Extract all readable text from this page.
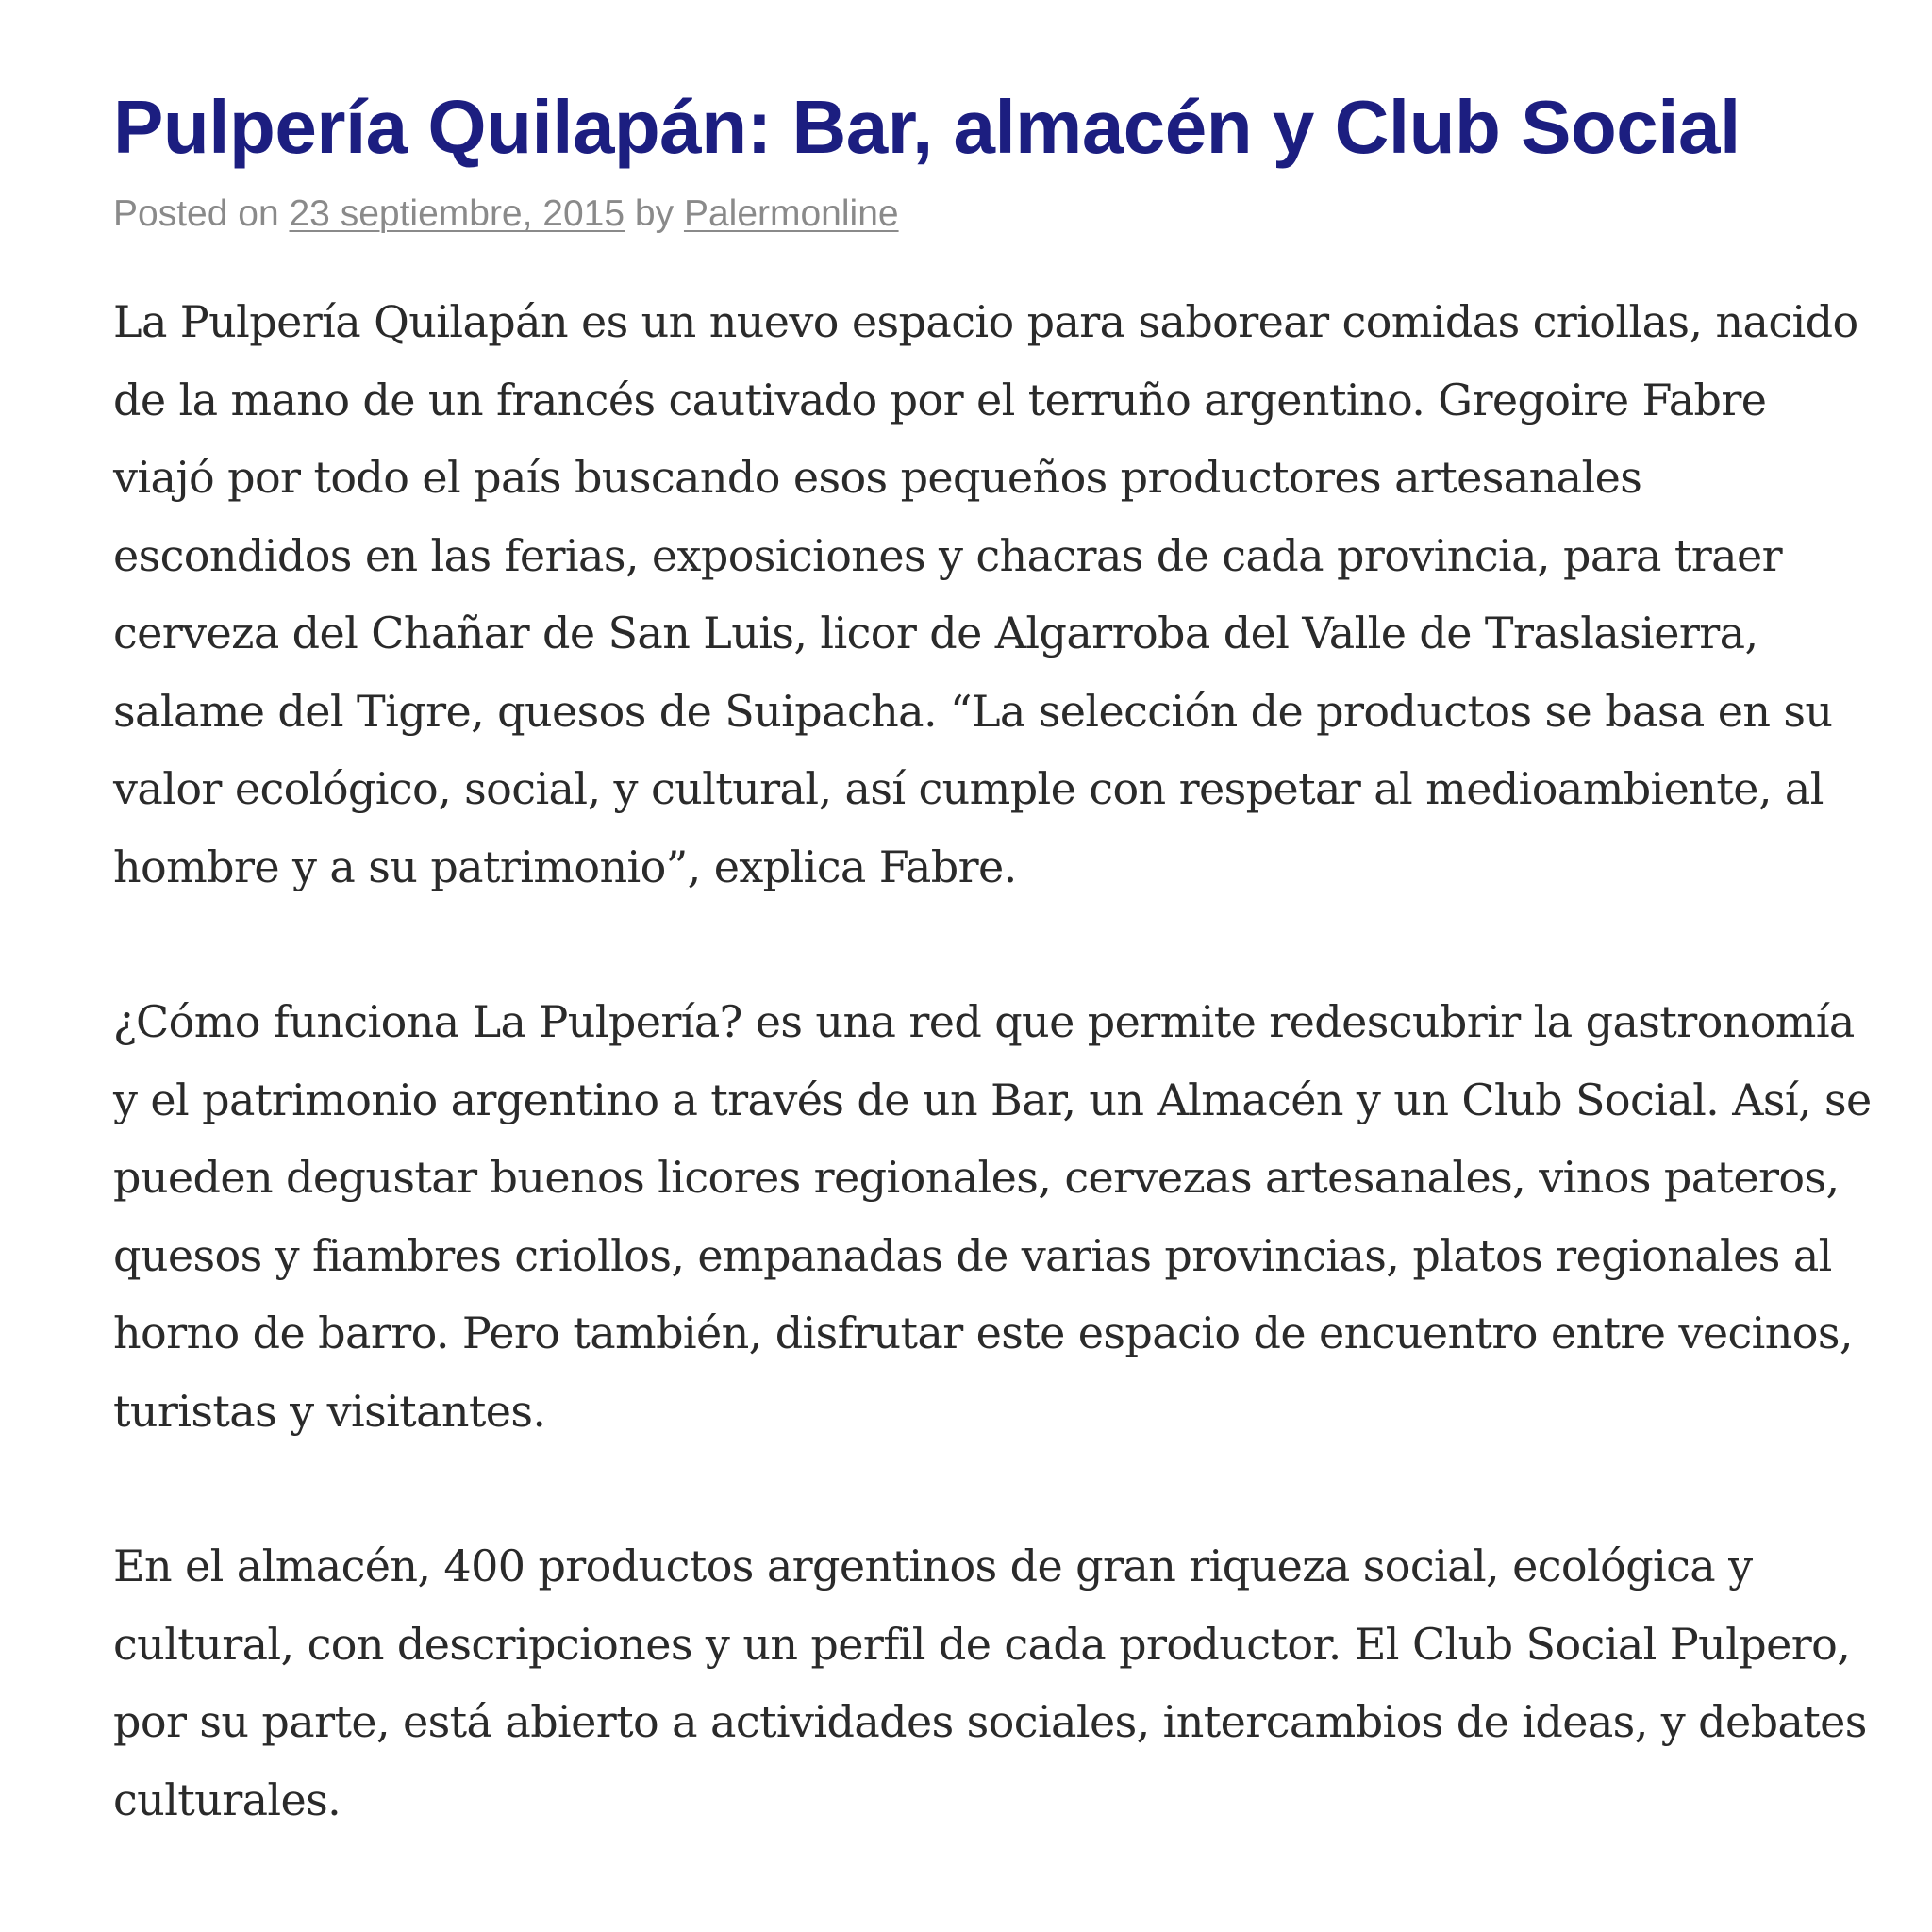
Pulpería Quilapán: Bar, almacén y Club Social
Posted on 23 septiembre, 2015 by Palermonline

La Pulpería Quilapán es un nuevo espacio para saborear comidas criollas, nacido de la mano de un francés cautivado por el terruño argentino. Gregoire Fabre viajó por todo el país buscando esos pequeños productores artesanales escondidos en las ferias, exposiciones y chacras de cada provincia, para traer cerveza del Chañar de San Luis, licor de Algarroba del Valle de Traslasierra, salame del Tigre, quesos de Suipacha. “La selección de productos se basa en su valor ecológico, social, y cultural, así cumple con respetar al medioambiente, al hombre y a su patrimonio”, explica Fabre.

¿Cómo funciona La Pulpería? es una red que permite redescubrir la gastronomía y el patrimonio argentino a través de un Bar, un Almacén y un Club Social. Así, se pueden degustar buenos licores regionales, cervezas artesanales, vinos pateros, quesos y fiambres criollos, empanadas de varias provincias, platos regionales al horno de barro. Pero también, disfrutar este espacio de encuentro entre vecinos, turistas y visitantes.

En el almacén, 400 productos argentinos de gran riqueza social, ecológica y cultural, con descripciones y un perfil de cada productor. El Club Social Pulpero, por su parte, está abierto a actividades sociales, intercambios de ideas, y debates culturales.
